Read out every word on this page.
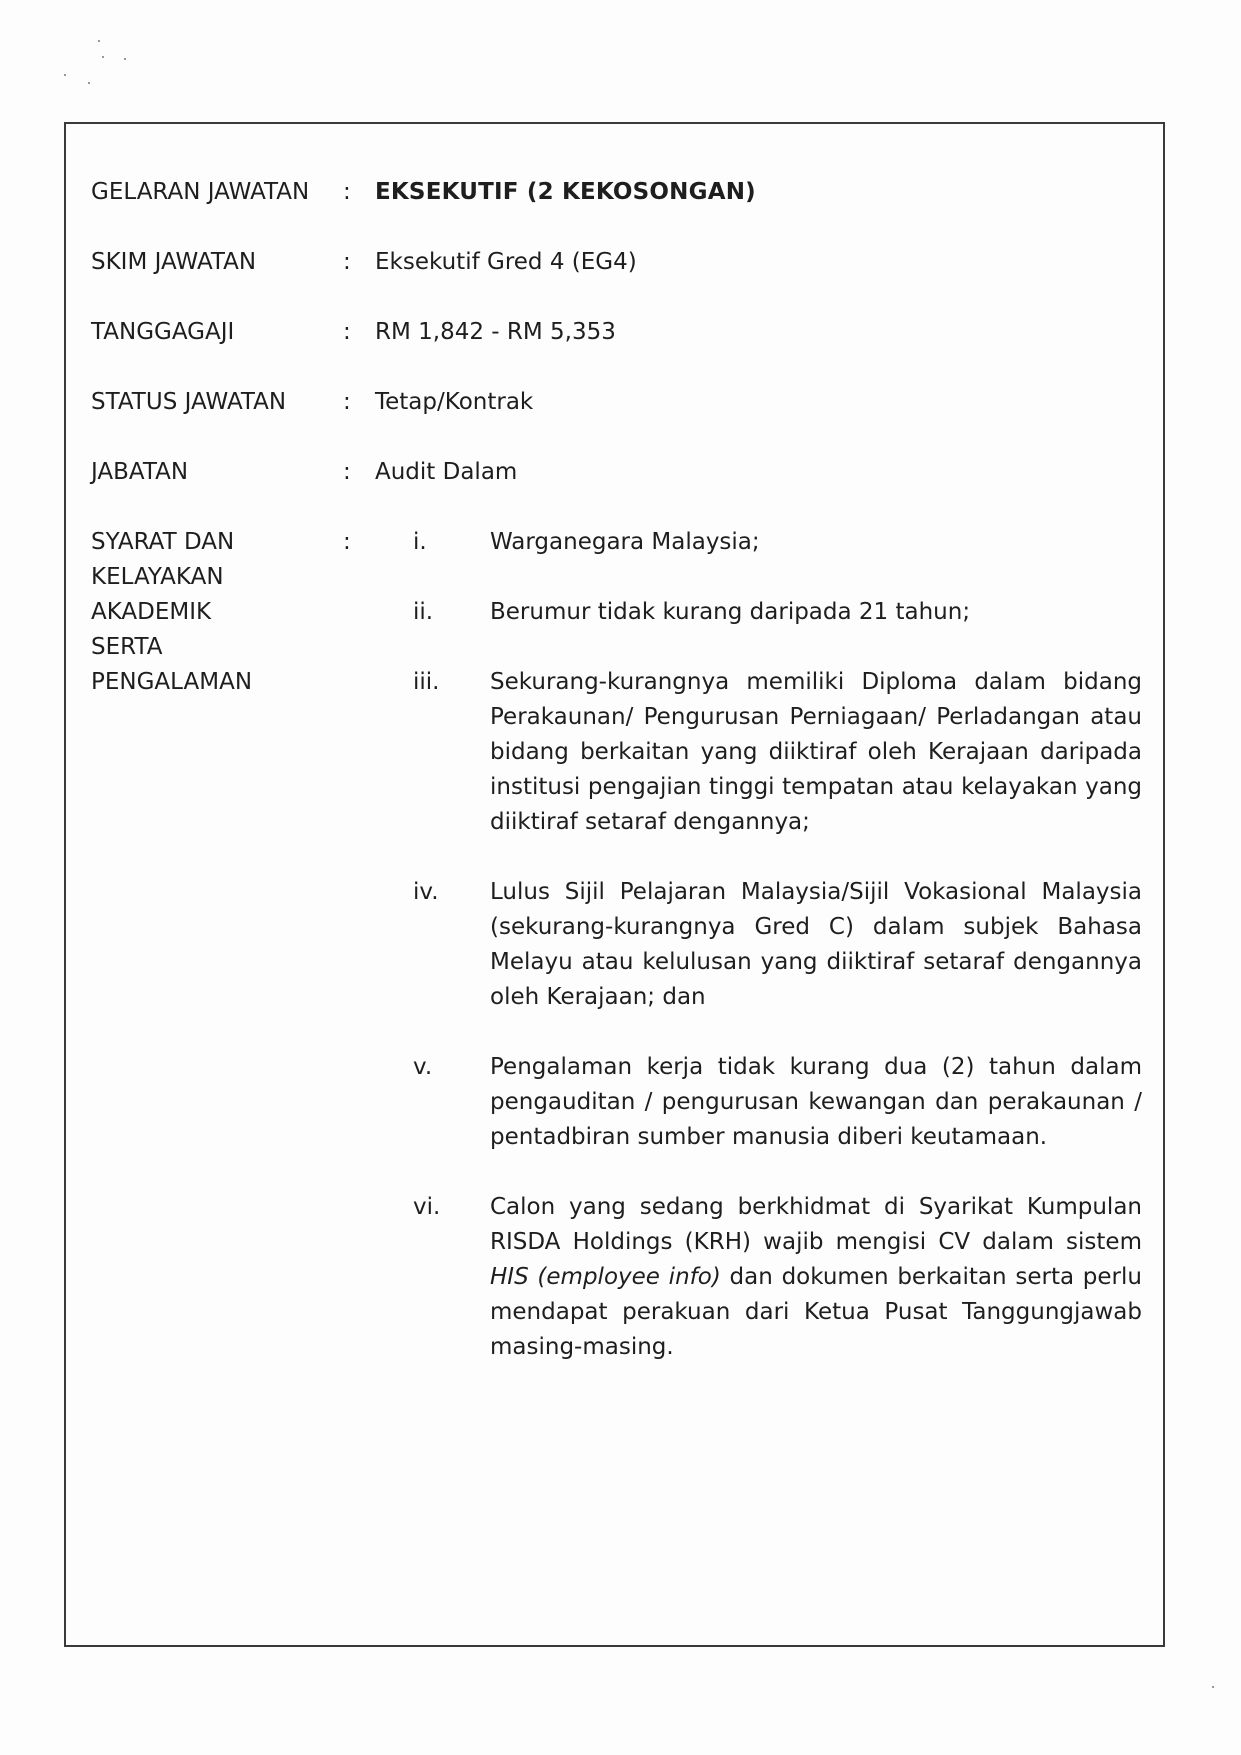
GELARAN JAWATAN	: EKSEKUTIF (2 KEKOSONGAN)
SKIM JAWATAN	: Eksekutif Gred 4 (EG4)
TANGGAGAJI	: RM 1,842 - RM 5,353
STATUS JAWATAN	: Tetap/Kontrak
JABATAN	: Audit Dalam
SYARAT DAN
KELAYAKAN
AKADEMIK
SERTA
PENGALAMAN
:	i.	Warganegara Malaysia;
ii. Berumur tidak kurang daripada 21 tahun;
iii. Sekurang-kurangnya memiliki Diploma dalam bidang Perakaunan/ Pengurusan Perniagaan/ Perladangan atau bidang berkaitan yang diiktiraf oleh Kerajaan daripada institusi pengajian tinggi tempatan atau kelayakan yang diiktiraf setaraf dengannya;
iv. Lulus Sijil Pelajaran Malaysia/Sijil Vokasional Malaysia (sekurang-kurangnya Gred C) dalam subjek Bahasa Melayu atau kelulusan yang diiktiraf setaraf dengannya oleh Kerajaan; dan
v.	Pengalaman kerja tidak kurang dua (2) tahun dalam pengauditan / pengurusan kewangan dan perakaunan / pentadbiran sumber manusia diberi keutamaan.
vi. Calon yang sedang berkhidmat di Syarikat Kumpulan RISDA Holdings (KRH) wajib mengisi CV dalam sistem HIS (employee info) dan dokumen berkaitan serta perlu mendapat perakuan dari Ketua Pusat Tanggungjawab masing-masing.
